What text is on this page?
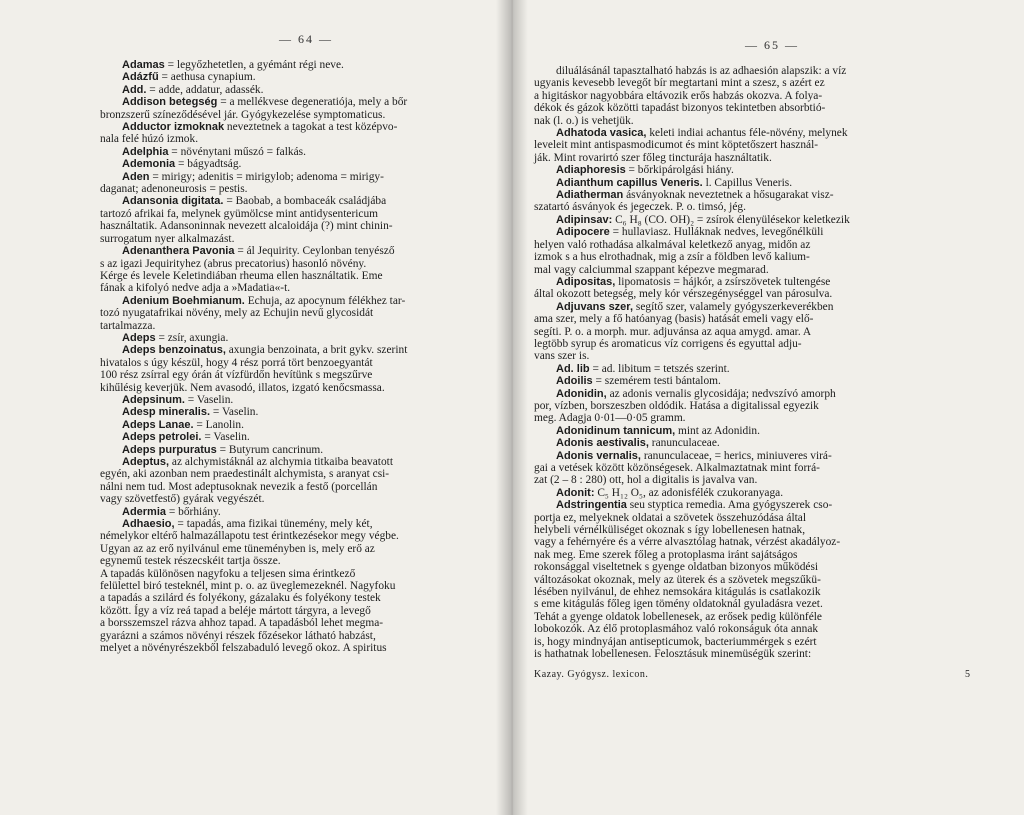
— 64 —

Adamas = legyőzhetetlen, a gyémánt régi neve.

Adázfű = aethusa cynapium.

Add. = adde, addatur, adassék.

Addison betegség = a mellékvese degeneratiója, mely a bőr
bronzszerű színeződésével jár. Gyógykezelése symptomaticus.

Adductor izmoknak neveztetnek a tagokat a test középvo-
nala felé húzó izmok.

Adelphia = növénytani műszó = falkás.

Ademonia = bágyadtság.

Aden = mirigy; adenitis = mirigylob; adenoma = mirigy-
daganat; adenoneurosis = pestis.

Adansonia digitata. = Baobab, a bombaceák családjába
tartozó afrikai fa, melynek gyümölcse mint antidysentericum
használtatik. Adansoninnak nevezett alcaloidája (?) mint chinin-
surrogatum nyer alkalmazást.

Adenanthera Pavonia = ál Jequirity. Ceylonban tenyésző
s az igazi Jequirityhez (abrus precatorius) hasonló növény.
Kérge és levele Keletindiában rheuma ellen használtatik. Eme
fának a kifolyó nedve adja a »Madatia«-t.

Adenium Boehmianum. Echuja, az apocynum félékhez tar-
tozó nyugatafrikai növény, mely az Echujin nevű glycosidát
tartalmazza.

Adeps = zsír, axungia.

Adeps benzoinatus, axungia benzoinata, a brit gykv. szerint
hivatalos s úgy készül, hogy 4 rész porrá tört benzoegyantát
100 rész zsírral egy órán át vízfürdőn hevítünk s megszűrve
kihűlésig keverjük. Nem avasodó, illatos, izgató kenőcsmassa.

Adepsinum. = Vaselin.

Adesp mineralis. = Vaselin.

Adeps Lanae. = Lanolin.

Adeps petrolei. = Vaselin.

Adeps purpuratus = Butyrum cancrinum.

Adeptus, az alchymistáknál az alchymia titkaiba beavatott
egyén, aki azonban nem praedestinált alchymista, s aranyat csi-
nálni nem tud. Most adeptusoknak nevezik a festő (porcellán
vagy szövetfestő) gyárak vegyészét.

Adermia = bőrhiány.

Adhaesio, = tapadás, ama fizikai tünemény, mely két,
némelykor eltérő halmazállapotu test érintkezésekor megy végbe.
Ugyan az az erő nyilvánul eme tüneményben is, mely erő az
egynemű testek részecskéit tartja össze.
A tapadás különösen nagyfoku a teljesen sima érintkező
felülettel biró testeknél, mint p. o. az üveglemezeknél. Nagyfoku
a tapadás a szilárd és folyékony, gázalaku és folyékony testek
között. Így a víz reá tapad a beléje mártott tárgyra, a levegő
a borsszemszel rázva ahhoz tapad. A tapadásból lehet megma-
gyarázni a számos növényi részek főzésekor látható habzást,
melyet a növényrészekből felszabaduló levegő okoz. A spiritus

— 65 —

diluálásánál tapasztalható habzás is az adhaesión alapszik: a víz
ugyanis kevesebb levegőt bír megtartani mint a szesz, s azért ez
a higitáskor nagyobbára eltávozik erős habzás okozva. A folya-
dékok és gázok közötti tapadást bizonyos tekintetben absorbtió-
nak (l. o.) is vehetjük.

Adhatoda vasica, keleti indiai achantus féle-növény, melynek
leveleit mint antispasmodicumot és mint köptetőszert használ-
ják. Mint rovarirtó szer főleg tincturája használtatik.

Adiaphoresis = bőrkipárolgási hiány.

Adianthum capillus Veneris. l. Capillus Veneris.

Adiatherman ásványoknak neveztetnek a hősugarakat visz-
szatartó ásványok és jegeczek. P. o. timsó, jég.

Adipinsav: C₆ H₈ (CO. OH)₂ = zsírok élenyülésekor keletkezik

Adipocere = hullaviasz. Hulláknak nedves, levegőnélküli
helyen való rothadása alkalmával keletkező anyag, midőn az
izmok s a hus elrothadnak, mig a zsír a földben levő kalium-
mal vagy calciummal szappant képezve megmarad.

Adipositas, lipomatosis = hájkór, a zsírszövetek tultengése
által okozott betegség, mely kór vérszegénységgel van párosulva.

Adjuvans szer, segítő szer, valamely gyógyszerkeverékben
ama szer, mely a fő hatóanyag (basis) hatását emeli vagy elő-
segíti. P. o. a morph. mur. adjuvánsa az aqua amygd. amar. A
legtöbb syrup és aromaticus víz corrigens és egyuttal adju-
vans szer is.

Ad. lib = ad. libitum = tetszés szerint.

Adoilis = szemérem testi bántalom.

Adonidin, az adonis vernalis glycosidája; nedvszívó amorph
por, vízben, borszeszben oldódik. Hatása a digitalissal egyezik
meg. Adagja 0·01—0·05 gramm.

Adonidinum tannicum, mint az Adonidin.

Adonis aestivalis, ranunculaceae.

Adonis vernalis, ranunculaceae, = herics, miniuveres virá-
gai a vetések között közönségesek. Alkalmaztatnak mint forrá-
zat (2 – 8 : 280) ott, hol a digitalis is javalva van.

Adonit: C₅ H₁₂ O₅, az adonisfélék czukoranyaga.

Adstringentia seu styptica remedia. Ama gyógyszerek cso-
portja ez, melyeknek oldatai a szövetek összehuzódása által
helybeli vérnélküliséget okoznak s így lobellenesen hatnak,
vagy a fehérnyére és a vérre alvasztólag hatnak, vérzést akadályoz-
nak meg. Eme szerek főleg a protoplasma iránt sajátságos
rokonsággal viseltetnek s gyenge oldatban bizonyos működési
változásokat okoznak, mely az üterek és a szövetek megszűkü-
lésében nyilvánul, de ehhez nemsokára kitágulás is csatlakozik
s eme kitágulás főleg igen tömény oldatoknál gyuladásra vezet.
Tehát a gyenge oldatok lobellenesek, az erősek pedig különféle
lobokozók. Az élő protoplasmához való rokonságuk óta annak
is, hogy mindnyájan antisepticumok, bacteriummérgek s ezért
is hathatnak lobellenesen. Felosztásuk minemüségük szerint:

Kazay. Gyógysz. lexicon.	5
